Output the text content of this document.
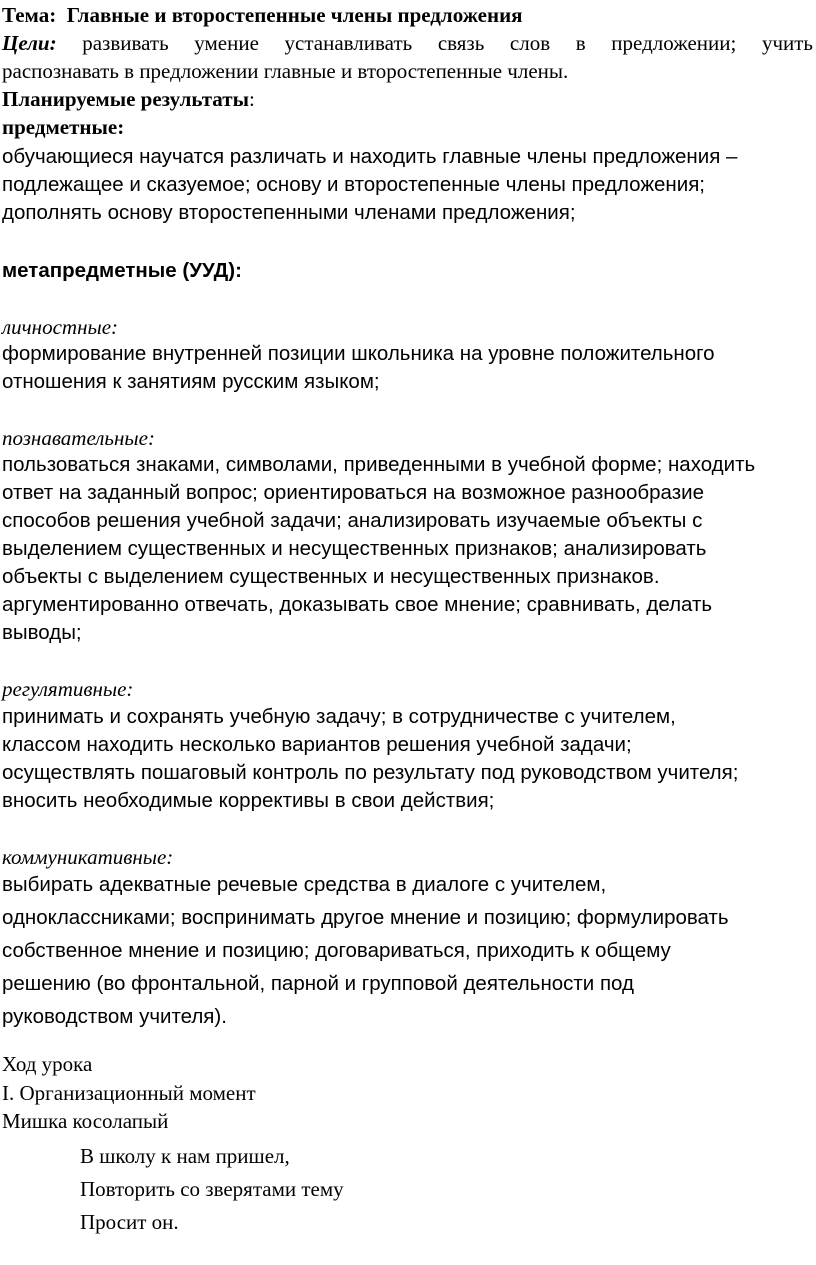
Тема: Главные и второстепенные члены предложения
Цели: развивать умение устанавливать связь слов в предложении; учить
распознавать в предложении главные и второстепенные члены.
Планируемые результаты:
предметные:
обучающиеся научатся различать и находить главные члены предложения –
подлежащее и сказуемое; основу и второстепенные члены предложения;
дополнять основу второстепенными членами предложения;
метапредметные (УУД):
личностные:
формирование внутренней позиции школьника на уровне положительного
отношения к занятиям русским языком;
познавательные:
пользоваться знаками, символами, приведенными в учебной форме; находить
ответ на заданный вопрос; ориентироваться на возможное разнообразие
способов решения учебной задачи; анализировать изучаемые объекты с
выделением существенных и несущественных признаков; анализировать
объекты с выделением существенных и несущественных признаков.
аргументированно отвечать, доказывать свое мнение; сравнивать, делать
выводы;
регулятивные:
принимать и сохранять учебную задачу; в сотрудничестве с учителем,
классом находить несколько вариантов решения учебной задачи;
осуществлять пошаговый контроль по результату под руководством учителя;
вносить необходимые коррективы в свои действия;
коммуникативные:
выбирать адекватные речевые средства в диалоге с учителем,
одноклассниками; воспринимать другое мнение и позицию; формулировать
собственное мнение и позицию; договариваться, приходить к общему
решению (во фронтальной, парной и групповой деятельности под
руководством учителя).
Ход урока
I. Организационный момент
Мишка косолапый
В школу к нам пришел,
Повторить со зверятами тему
Просит он.
